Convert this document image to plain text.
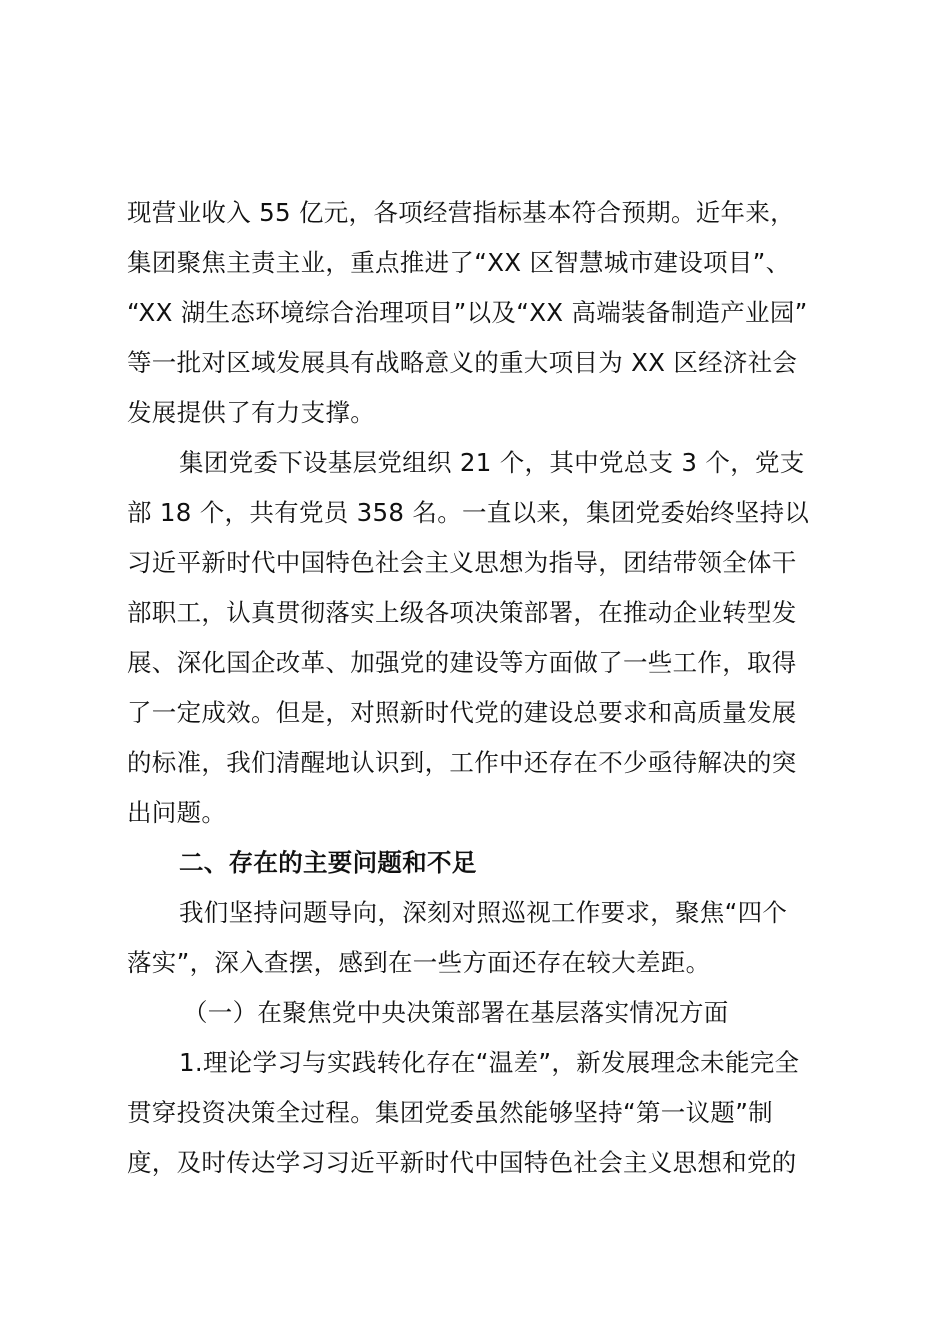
现营业收入 55 亿元，各项经营指标基本符合预期。近年来，
集团聚焦主责主业，重点推进了“XX 区智慧城市建设项目”、
“XX 湖生态环境综合治理项目”以及“XX 高端装备制造产业园”
等一批对区域发展具有战略意义的重大项目为 XX 区经济社会
发展提供了有力支撑。
集团党委下设基层党组织 21 个，其中党总支 3 个，党支
部 18 个，共有党员 358 名。一直以来，集团党委始终坚持以
习近平新时代中国特色社会主义思想为指导，团结带领全体干
部职工，认真贯彻落实上级各项决策部署，在推动企业转型发
展、深化国企改革、加强党的建设等方面做了一些工作，取得
了一定成效。但是，对照新时代党的建设总要求和高质量发展
的标准，我们清醒地认识到，工作中还存在不少亟待解决的突
出问题。
二、存在的主要问题和不足
我们坚持问题导向，深刻对照巡视工作要求，聚焦“四个
落实”，深入查摆，感到在一些方面还存在较大差距。
（一）在聚焦党中央决策部署在基层落实情况方面
1.理论学习与实践转化存在“温差”，新发展理念未能完全
贯穿投资决策全过程。集团党委虽然能够坚持“第一议题”制
度，及时传达学习习近平新时代中国特色社会主义思想和党的
